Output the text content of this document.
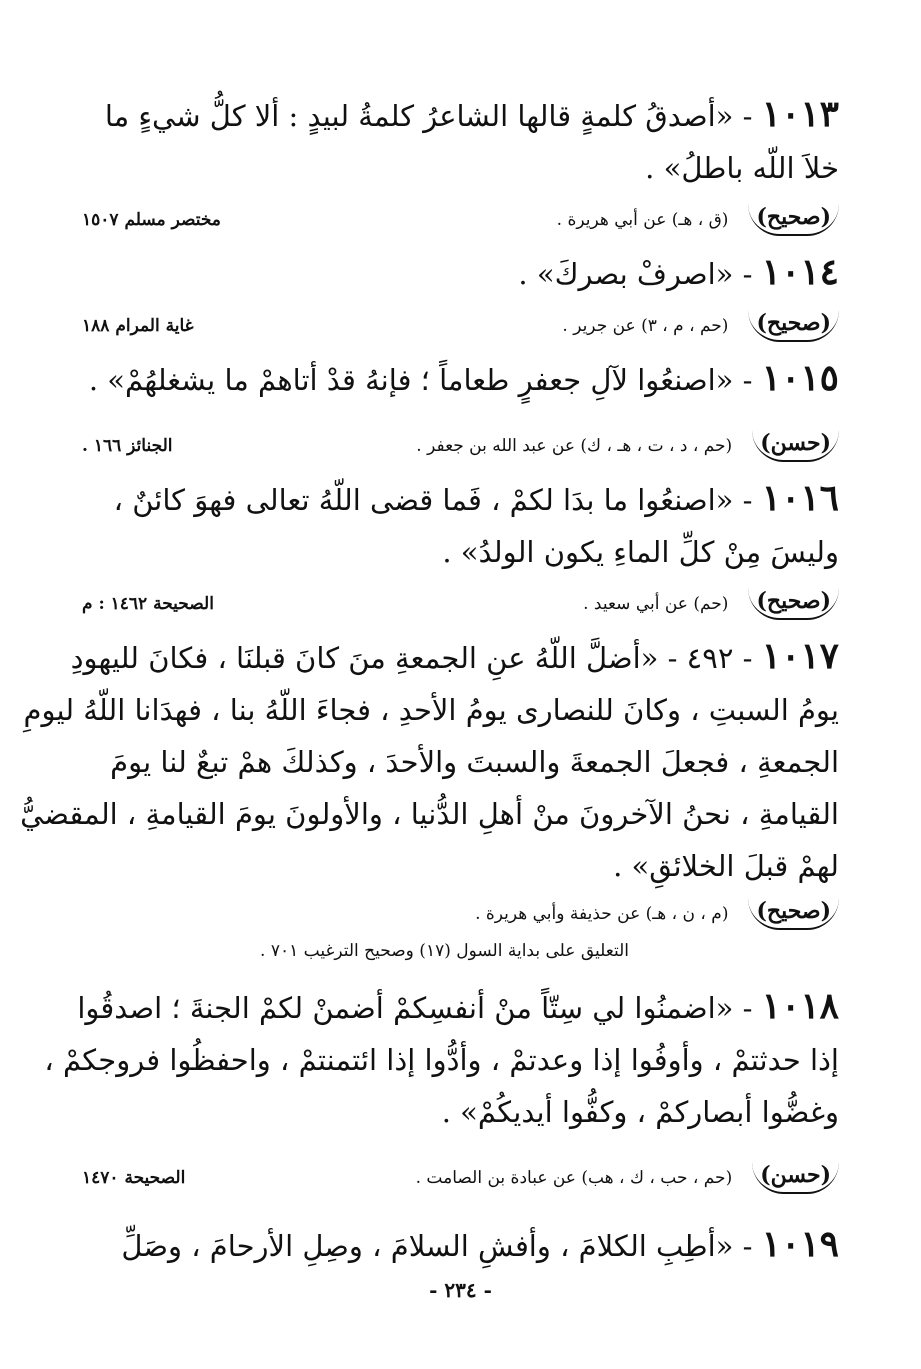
١٠١٣ - «أصدقُ كلمةٍ قالها الشاعرُ كلمةُ لبيدٍ : ألا كلُّ شيءٍ ما

خلاَ اللّه باطلُ» .

(صحيح)
(ق ، هـ) عن أبي هريرة .
مختصر مسلم ١٥٠٧

١٠١٤ - «اصرفْ بصركَ» .

(صحيح)
(حم ، م ، ٣) عن جرير .
غاية المرام ١٨٨

١٠١٥ - «اصنعُوا لآلِ جعفرٍ طعاماً ؛ فإنهُ قدْ أتاهمْ ما يشغلهُمْ» .

(حسن)
(حم ، د ، ت ، هـ ، ك) عن عبد الله بن جعفر .
الجنائز ١٦٦ .

١٠١٦ - «اصنعُوا ما بدَا لكمْ ، فَما قضى اللّهُ تعالى فهوَ كائنٌ ،

وليسَ مِنْ كلِّ الماءِ يكون الولدُ» .

(صحيح)
(حم) عن أبي سعيد .
الصحيحة ١٤٦٢ : م

١٠١٧ - ٤٩٢ - «أضلَّ اللّهُ عنِ الجمعةِ منَ كانَ قبلنَا ، فكانَ لليهودِ

يومُ السبتِ ، وكانَ للنصارى يومُ الأحدِ ، فجاءَ اللّهُ بنا ، فهدَانا اللّهُ ليومِ

الجمعةِ ، فجعلَ الجمعةَ والسبتَ والأحدَ ، وكذلكَ همْ تبعٌ لنا يومَ

القيامةِ ، نحنُ الآخرونَ منْ أهلِ الدُّنيا ، والأولونَ يومَ القيامةِ ، المقضيُّ

لهمْ قبلَ الخلائقِ» .

(صحيح)
(م ، ن ، هـ) عن حذيفة وأبي هريرة .
التعليق على بداية السول (١٧) وصحيح الترغيب ٧٠١ .

١٠١٨ - «اضمنُوا لي سِتّاً منْ أنفسِكمْ أضمنْ لكمْ الجنةَ ؛ اصدقُوا

إذا حدثتمْ ، وأوفُوا إذا وعدتمْ ، وأدُّوا إذا ائتمنتمْ ، واحفظُوا فروجكمْ ،

وغضُّوا أبصاركمْ ، وكفُّوا أيديكُمْ» .

(حسن)
(حم ، حب ، ك ، هب) عن عبادة بن الصامت .
الصحيحة ١٤٧٠

١٠١٩ - «أطِبِ الكلامَ ، وأفشِ السلامَ ، وصِلِ الأرحامَ ، وصَلِّ

- ٢٣٤ -
